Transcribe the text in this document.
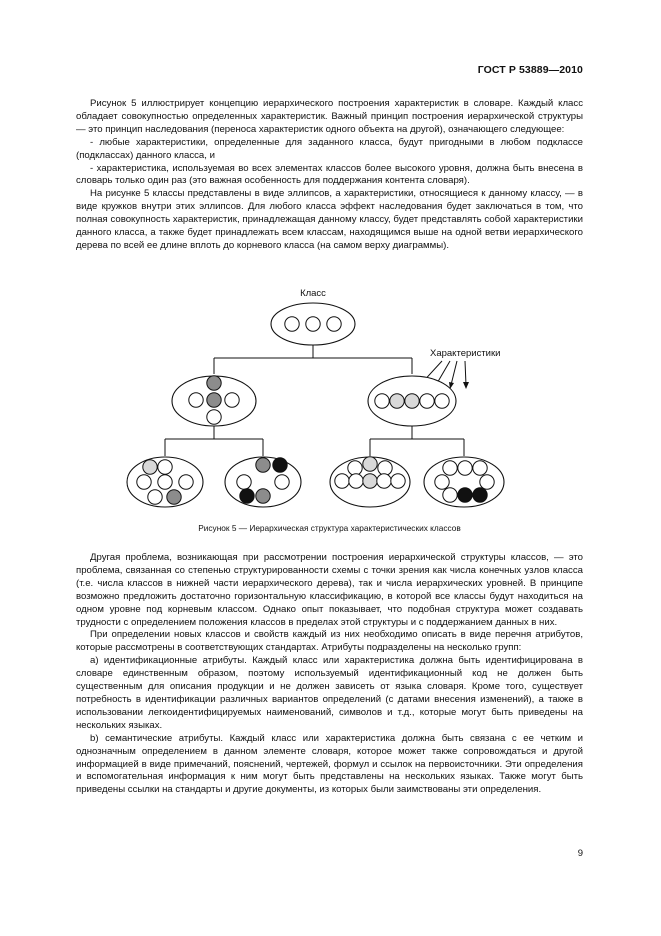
ГОСТ Р 53889—2010

Рисунок 5 иллюстрирует концепцию иерархического построения характеристик в словаре. Каждый класс обладает совокупностью определенных характеристик. Важный принцип построения иерархической структуры — это принцип наследования (переноса характеристик одного объекта на другой), означающего следующее:

- любые характеристики, определенные для заданного класса, будут пригодными в любом подклассе (подклассах) данного класса, и

- характеристика, используемая во всех элементах классов более высокого уровня, должна быть внесена в словарь только один раз (это важная особенность для поддержания контента словаря).

На рисунке 5 классы представлены в виде эллипсов, а характеристики, относящиеся к данному классу, — в виде кружков внутри этих эллипсов. Для любого класса эффект наследования будет заключаться в том, что полная совокупность характеристик, принадлежащая данному классу, будет представлять собой характеристики данного класса, а также будет принадлежать всем классам, находящимся выше на одной ветви иерархического дерева по всей ее длине вплоть до корневого класса (на самом верху диаграммы).

Класс
Характеристики
Рисунок 5 — Иерархическая структура характеристических классов

Другая проблема, возникающая при рассмотрении построения иерархической структуры классов, — это проблема, связанная со степенью структурированности схемы с точки зрения как числа конечных узлов класса (т.е. числа классов в нижней части иерархического дерева), так и числа иерархических уровней. В принципе возможно предложить достаточно горизонтальную классификацию, в которой все классы будут находиться на одном уровне под корневым классом. Однако опыт показывает, что подобная структура может создавать трудности с определением положения классов в пределах этой структуры и с поддержанием данных в них.

При определении новых классов и свойств каждый из них необходимо описать в виде перечня атрибутов, которые рассмотрены в соответствующих стандартах. Атрибуты подразделены на несколько групп:

a) идентификационные атрибуты. Каждый класс или характеристика должна быть идентифицирована в словаре единственным образом, поэтому используемый идентификационный код не должен быть существенным для описания продукции и не должен зависеть от языка словаря. Кроме того, существует потребность в идентификации различных вариантов определений (с датами внесения изменений), а также в использовании легкоидентифицируемых наименований, символов и т.д., которые могут быть приведены на нескольких языках.

b) семантические атрибуты. Каждый класс или характеристика должна быть связана с ее четким и однозначным определением в данном элементе словаря, которое может также сопровождаться и другой информацией в виде примечаний, пояснений, чертежей, формул и ссылок на первоисточники. Эти определения и вспомогательная информация к ним могут быть представлены на нескольких языках. Также могут быть приведены ссылки на стандарты и другие документы, из которых были заимствованы эти определения.

9
